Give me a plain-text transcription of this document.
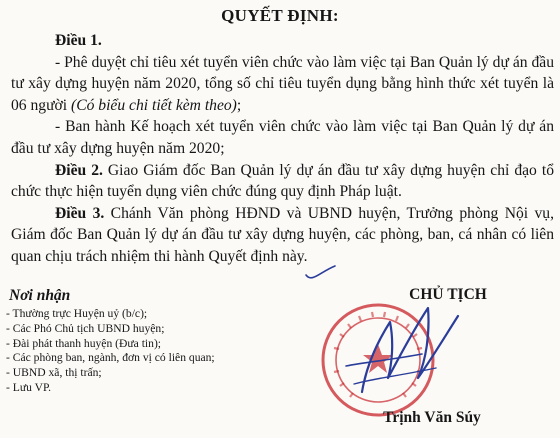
QUYẾT ĐỊNH:

Điều 1.

- Phê duyệt chỉ tiêu xét tuyển viên chức vào làm việc tại Ban Quản lý dự án đầu tư xây dựng huyện năm 2020, tổng số chỉ tiêu tuyển dụng bằng hình thức xét tuyển là 06 người (Có biểu chi tiết kèm theo);

- Ban hành Kế hoạch xét tuyển viên chức vào làm việc tại Ban Quản lý dự án đầu tư xây dựng huyện năm 2020;

Điều 2. Giao Giám đốc Ban Quản lý dự án đầu tư xây dựng huyện chỉ đạo tổ chức thực hiện tuyển dụng viên chức đúng quy định Pháp luật.

Điều 3. Chánh Văn phòng HĐND và UBND huyện, Trưởng phòng Nội vụ, Giám đốc Ban Quản lý dự án đầu tư xây dựng huyện, các phòng, ban, cá nhân có liên quan chịu trách nhiệm thi hành Quyết định này.

Nơi nhận
- Thường trực Huyện uỷ (b/c);
- Các Phó Chủ tịch UBND huyện;
- Đài phát thanh huyện (Đưa tin);
- Các phòng ban, ngành, đơn vị có liên quan;
- UBND xã, thị trấn;
- Lưu VP.
CHỦ TỊCH
Trịnh Văn Súy
